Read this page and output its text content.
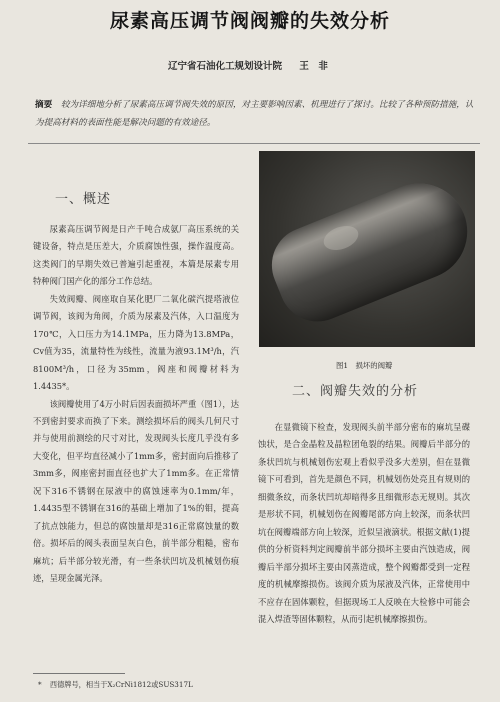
尿素高压调节阀阀瓣的失效分析
辽宁省石油化工规划设计院 王　非
摘要 较为详细地分析了尿素高压调节阀失效的原因，对主要影响因素、机理进行了探讨。比较了各种预防措施，认为提高材料的表面性能是解决问题的有效途径。
一、概述

尿素高压调节阀是日产千吨合成氨厂高压系统的关键设备，特点是压差大，介质腐蚀性强，操作温度高。这类阀门的早期失效已普遍引起重视，本篇是尿素专用特种阀门国产化的部分工作总结。

失效阀瓣、阀座取自某化肥厂二氧化碳汽提塔液位调节阀，该阀为角阀，介质为尿素及汽体，入口温度为170℃，入口压力为14.1MPa，压力降为13.8MPa，Cv值为35，流量特性为线性，流量为液93.1M³/h，汽8100M³/h，口径为35mm，阀座和阀瓣材料为1.4435*。

该阀瓣使用了4万小时后因表面损坏严重（图1），达不到密封要求而换了下来。测绘损坏后的阀头几何尺寸并与使用前测绘的尺寸对比，发现阀头长度几乎没有多大变化，但平均直径减小了1mm多，密封面向后推移了3mm多，阀座密封面直径也扩大了1mm多。在正常情况下316不锈钢在尿液中的腐蚀速率为0.1mm/年，1.4435型不锈钢在316的基础上增加了1%的钼，提高了抗点蚀能力，但总的腐蚀量却是316正常腐蚀量的数倍。损坏后的阀头表面呈灰白色，前半部分粗糙，密布麻坑；后半部分较光滑，有一些条状凹坑及机械划伤痕迹，呈现金属光泽。

图1　损坏的阀瓣
二、阀瓣失效的分析

在显微镜下检查，发现阀头前半部分密布的麻坑呈碟蚀状，是合金晶粒及晶粒团龟裂的结果。阀瓣后半部分的条状凹坑与机械划伤宏观上看似乎没多大差别，但在显微镜下可看到，首先是颜色不同，机械划伤处亮且有规则的细微条纹，而条状凹坑却暗得多且细微形态无规则。其次是形状不同，机械划伤在阀瓣尾部方向上较深，而条状凹坑在阀瓣端部方向上较深，近似呈液滴状。根据文献(1)提供的分析资料判定阀瓣前半部分损坏主要由汽蚀造成，阀瓣后半部分损坏主要由冈蒸造成，整个阀瓣都受到一定程度的机械摩擦损伤。该阀介质为尿液及汽体，正常使用中不应存在固体颗粒，但据现场工人反映在大检修中可能会混入焊渣等固体颗粒，从而引起机械摩擦损伤。

* 西德牌号，相当于X₂CrNi1812或SUS317L
